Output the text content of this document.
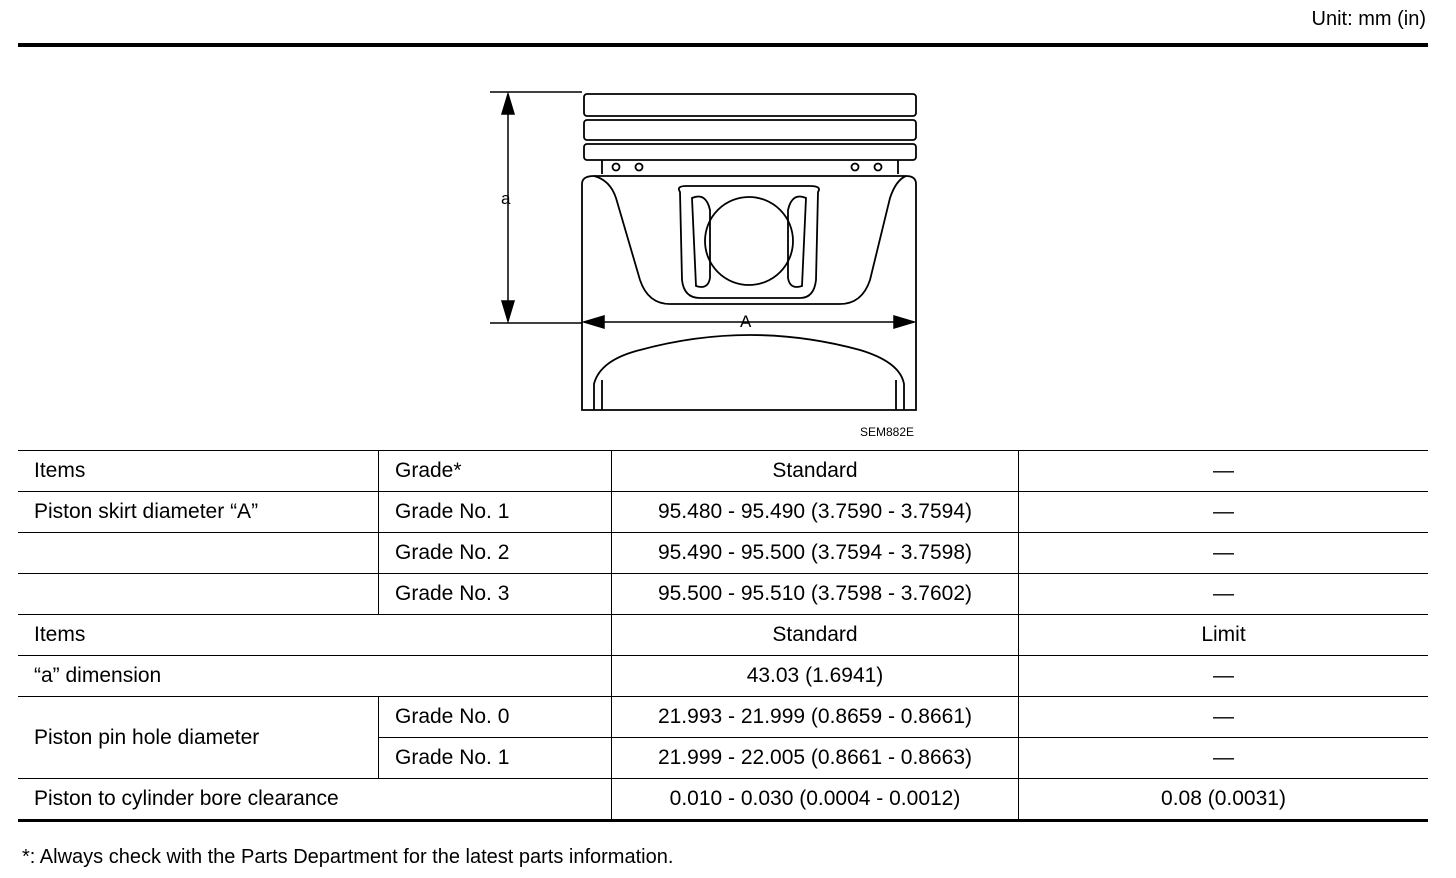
Unit: mm (in)
a
A
SEM882E
Items	Grade*	Standard	—
Piston skirt diameter “A”	Grade No. 1	95.480 - 95.490 (3.7590 - 3.7594)	—
	Grade No. 2	95.490 - 95.500 (3.7594 - 3.7598)	—
	Grade No. 3	95.500 - 95.510 (3.7598 - 3.7602)	—
Items		Standard	Limit
“a” dimension		43.03 (1.6941)	—
Piston pin hole diameter	Grade No. 0	21.993 - 21.999 (0.8659 - 0.8661)	—
	Grade No. 1	21.999 - 22.005 (0.8661 - 0.8663)	—
Piston to cylinder bore clearance		0.010 - 0.030 (0.0004 - 0.0012)	0.08 (0.0031)
*: Always check with the Parts Department for the latest parts information.
